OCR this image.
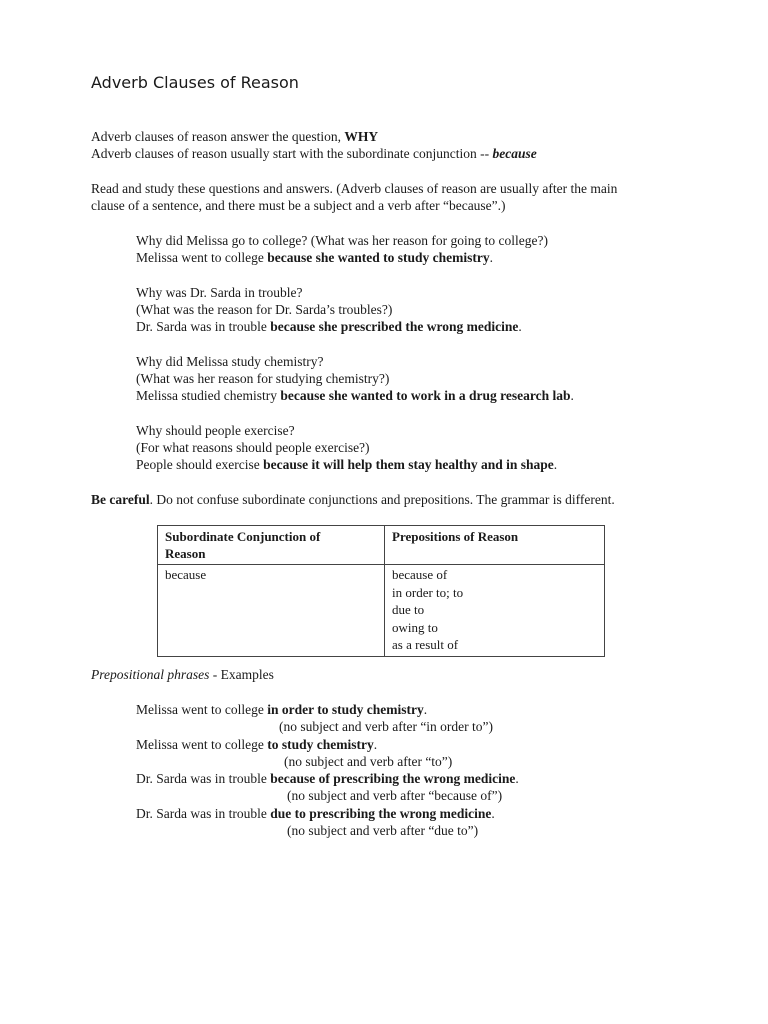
Adverb Clauses of Reason
Adverb clauses of reason answer the question, WHY
Adverb clauses of reason usually start with the subordinate conjunction -- because
Read and study these questions and answers. (Adverb clauses of reason are usually after the main
clause of a sentence, and there must be a subject and a verb after “because”.)
Why did Melissa go to college? (What was her reason for going to college?)
Melissa went to college because she wanted to study chemistry.
Why was Dr. Sarda in trouble?
(What was the reason for Dr. Sarda’s troubles?)
Dr. Sarda was in trouble because she prescribed the wrong medicine.
Why did Melissa study chemistry?
(What was her reason for studying chemistry?)
Melissa studied chemistry because she wanted to work in a drug research lab.
Why should people exercise?
(For what reasons should people exercise?)
People should exercise because it will help them stay healthy and in shape.
Be careful. Do not confuse subordinate conjunctions and prepositions. The grammar is different.
Subordinate Conjunction of
Reason	Prepositions of Reason

because	because of
in order to; to
due to
owing to
as a result of
Prepositional phrases - Examples
Melissa went to college in order to study chemistry.
(no subject and verb after “in order to”)
Melissa went to college to study chemistry.
(no subject and verb after “to”)
Dr. Sarda was in trouble because of prescribing the wrong medicine.
(no subject and verb after “because of”)
Dr. Sarda was in trouble due to prescribing the wrong medicine.
(no subject and verb after “due to”)
